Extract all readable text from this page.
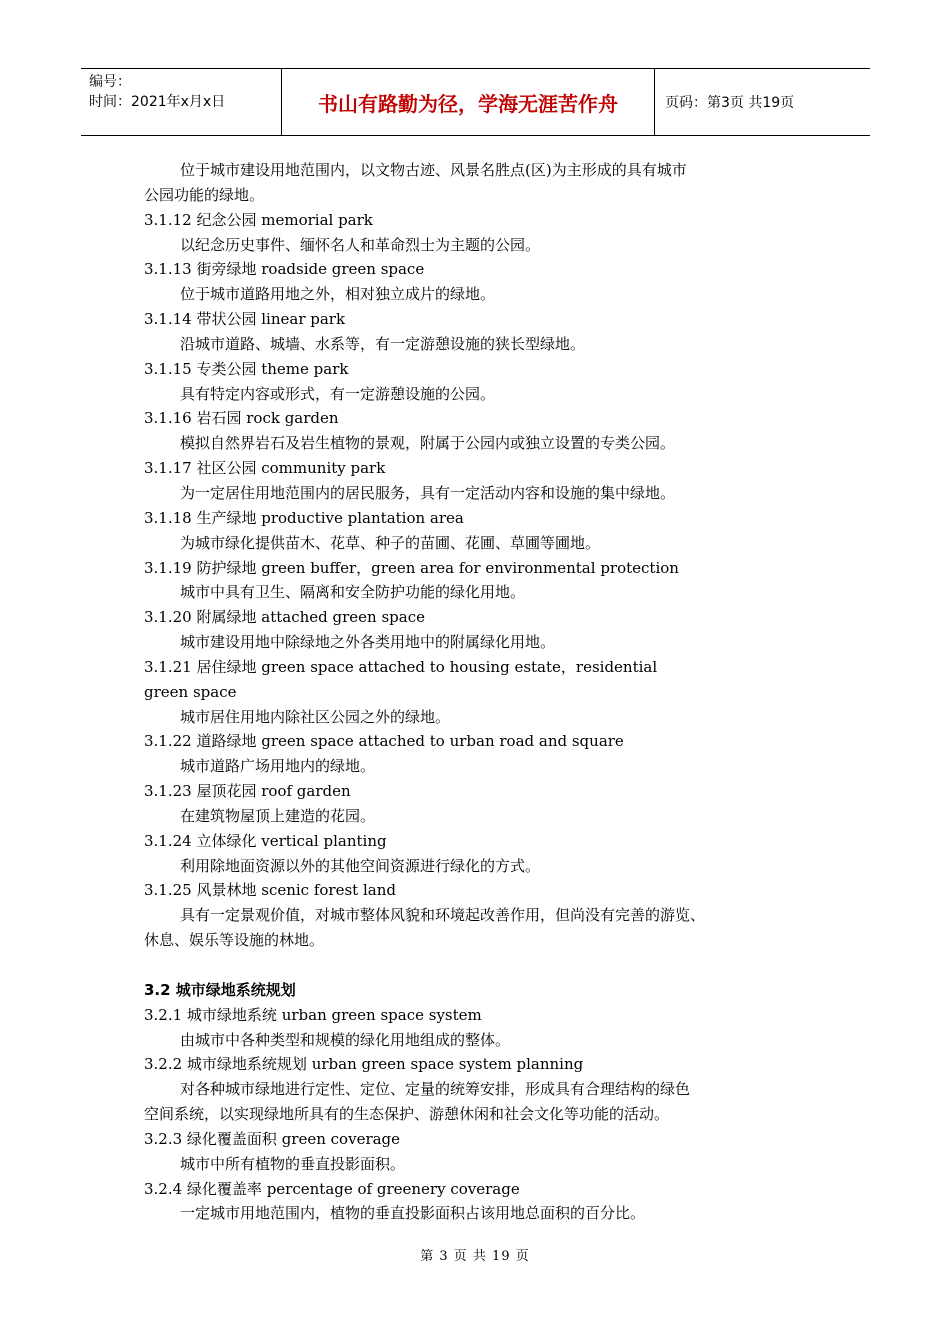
编号：
时间：2021年x月x日	书山有路勤为径，学海无涯苦作舟	页码：第3页 共19页
位于城市建设用地范围内，以文物古迹、风景名胜点(区)为主形成的具有城市
公园功能的绿地。
3.1.12 纪念公园 memorial park
以纪念历史事件、缅怀名人和革命烈士为主题的公园。
3.1.13 街旁绿地 roadside green space
位于城市道路用地之外，相对独立成片的绿地。
3.1.14 带状公园 linear park
沿城市道路、城墙、水系等，有一定游憩设施的狭长型绿地。
3.1.15 专类公园 theme park
具有特定内容或形式，有一定游憩设施的公园。
3.1.16 岩石园 rock garden
模拟自然界岩石及岩生植物的景观，附属于公园内或独立设置的专类公园。
3.1.17 社区公园 community park
为一定居住用地范围内的居民服务，具有一定活动内容和设施的集中绿地。
3.1.18 生产绿地 productive plantation area
为城市绿化提供苗木、花草、种子的苗圃、花圃、草圃等圃地。
3.1.19 防护绿地 green buffer，green area for environmental protection
城市中具有卫生、隔离和安全防护功能的绿化用地。
3.1.20 附属绿地 attached green space
城市建设用地中除绿地之外各类用地中的附属绿化用地。
3.1.21 居住绿地 green space attached to housing estate，residential
green space
城市居住用地内除社区公园之外的绿地。
3.1.22 道路绿地 green space attached to urban road and square
城市道路广场用地内的绿地。
3.1.23 屋顶花园 roof garden
在建筑物屋顶上建造的花园。
3.1.24 立体绿化 vertical planting
利用除地面资源以外的其他空间资源进行绿化的方式。
3.1.25 风景林地 scenic forest land
具有一定景观价值，对城市整体风貌和环境起改善作用，但尚没有完善的游览、
休息、娱乐等设施的林地。
3.2 城市绿地系统规划
3.2.1 城市绿地系统 urban green space system
由城市中各种类型和规模的绿化用地组成的整体。
3.2.2 城市绿地系统规划 urban green space system planning
对各种城市绿地进行定性、定位、定量的统筹安排，形成具有合理结构的绿色
空间系统，以实现绿地所具有的生态保护、游憩休闲和社会文化等功能的活动。
3.2.3 绿化覆盖面积 green coverage
城市中所有植物的垂直投影面积。
3.2.4 绿化覆盖率 percentage of greenery coverage
一定城市用地范围内，植物的垂直投影面积占该用地总面积的百分比。
第 3 页 共 19 页
